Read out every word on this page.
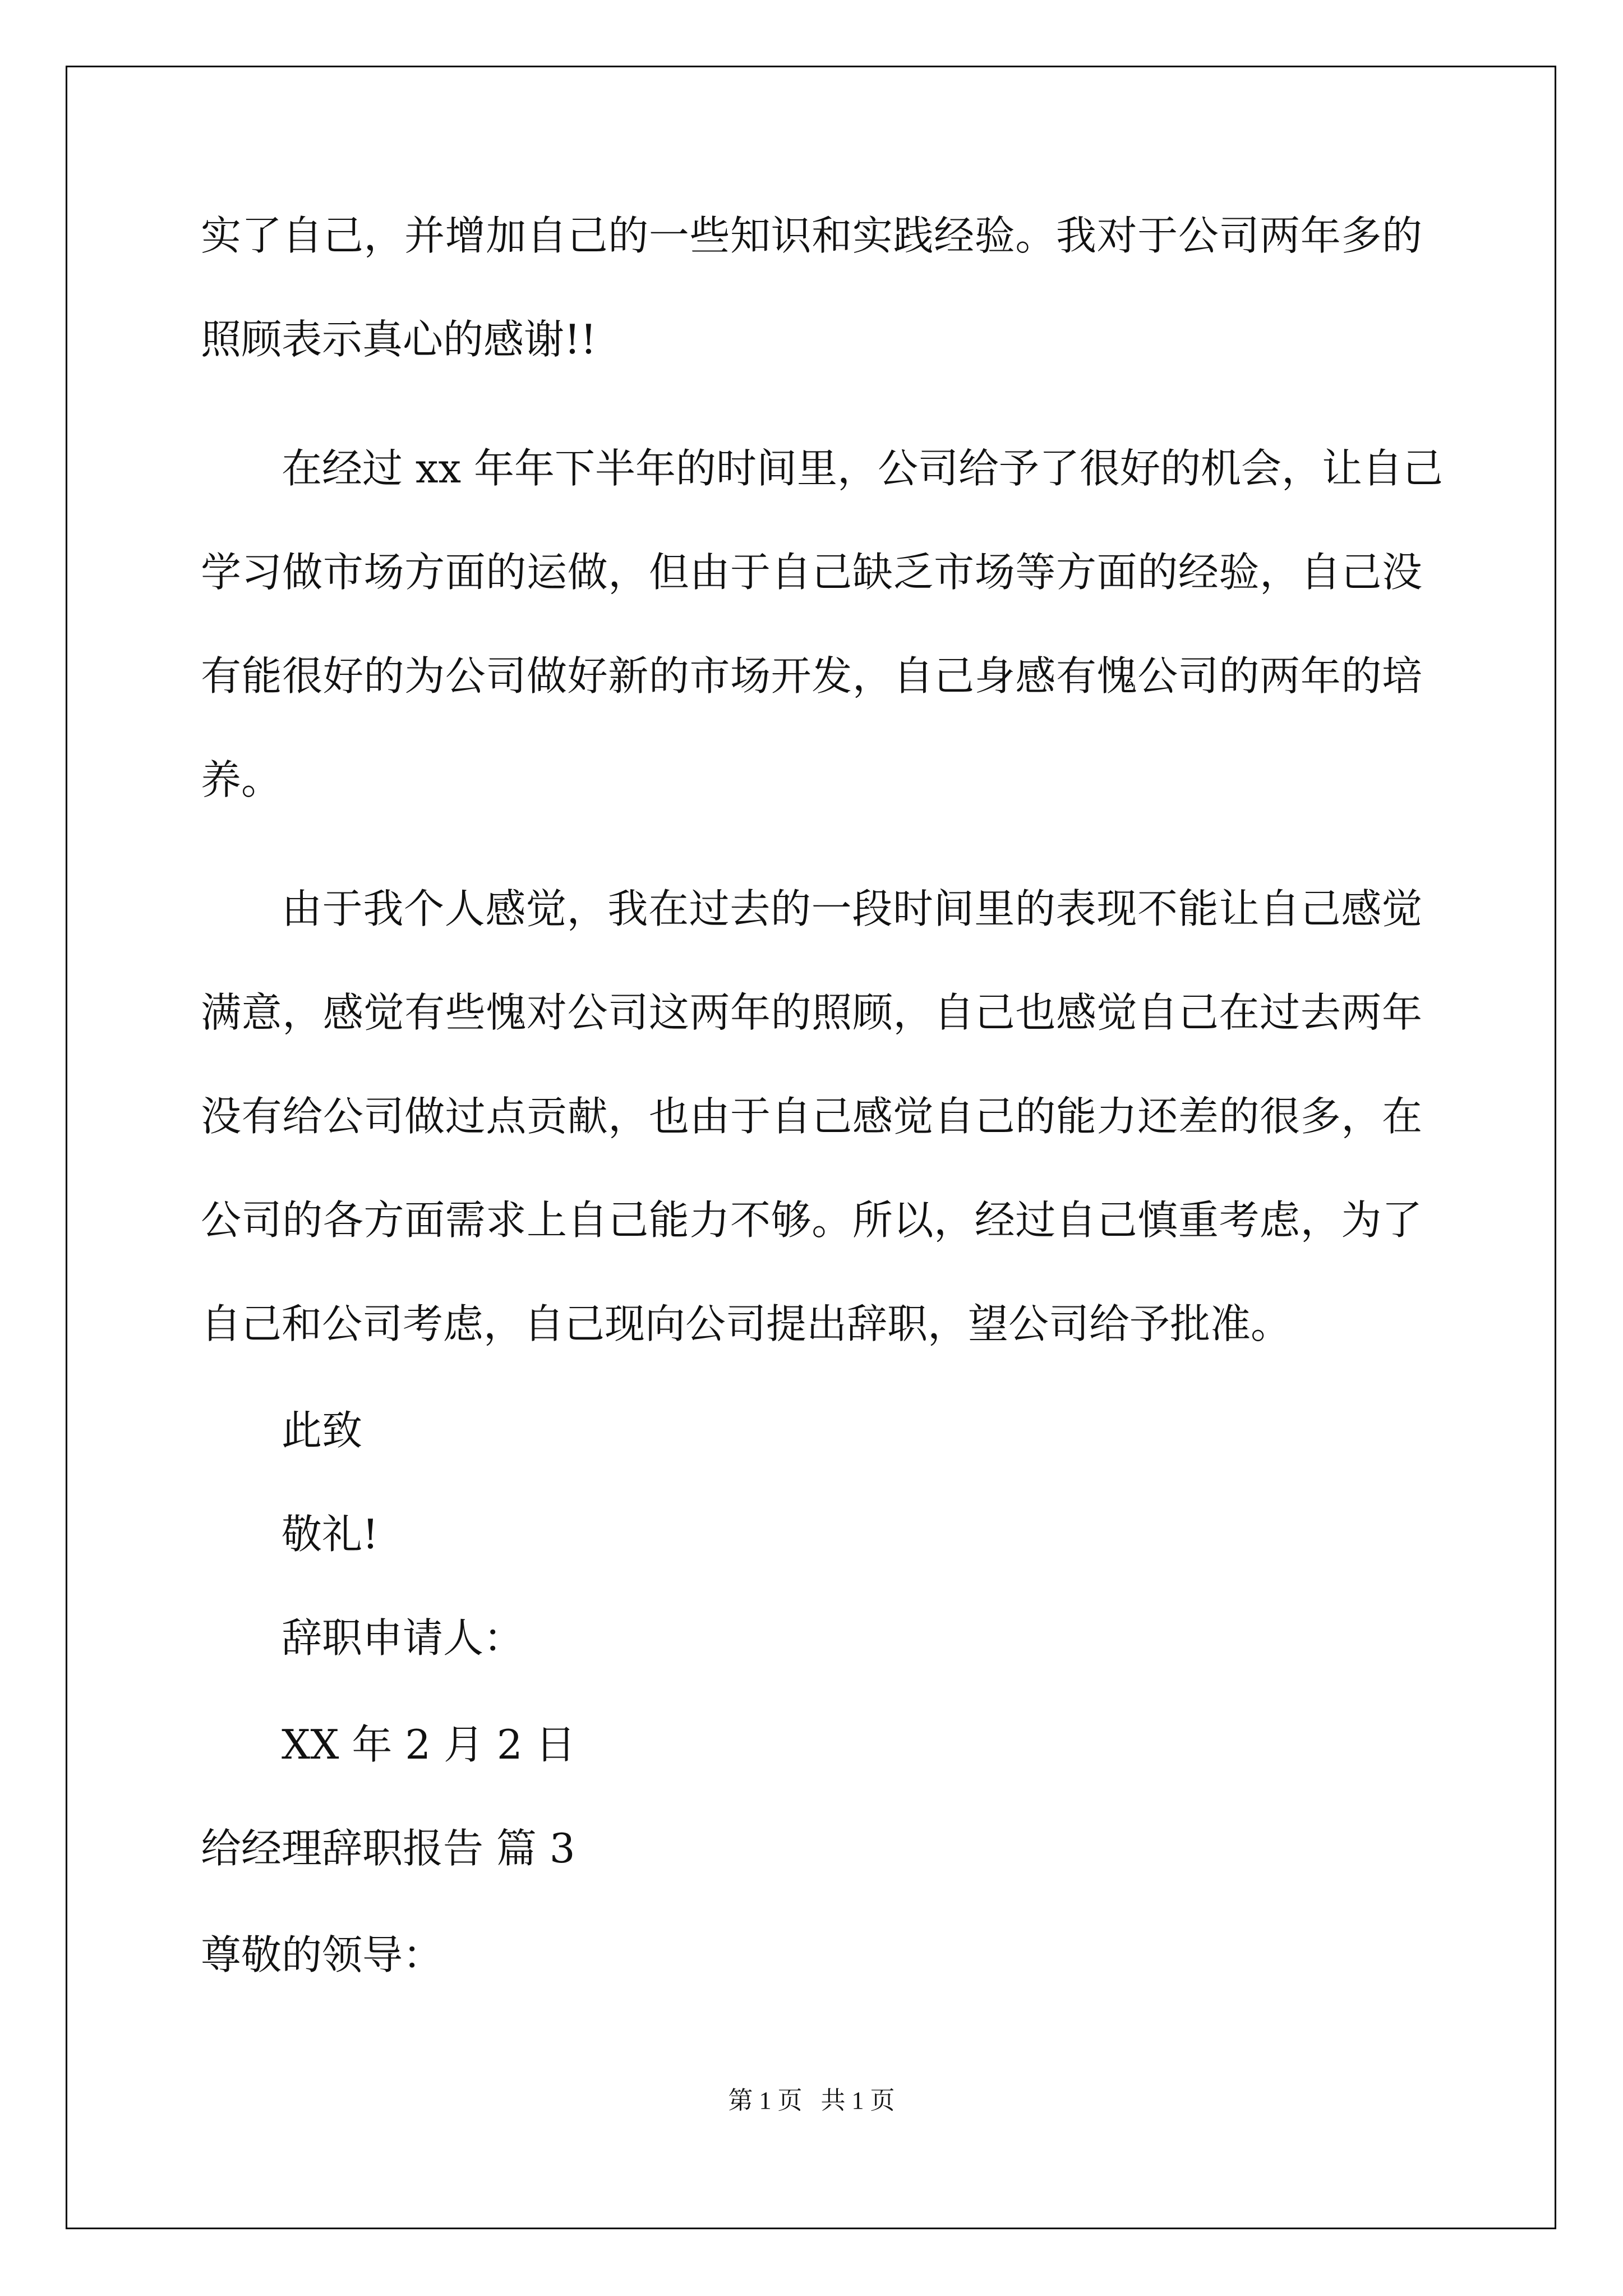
实了自己，并增加自己的一些知识和实践经验。我对于公司两年多的
照顾表示真心的感谢!!
在经过 xx 年年下半年的时间里，公司给予了很好的机会，让自己
学习做市场方面的运做，但由于自己缺乏市场等方面的经验，自己没
有能很好的为公司做好新的市场开发，自己身感有愧公司的两年的培
养。
由于我个人感觉，我在过去的一段时间里的表现不能让自己感觉
满意，感觉有些愧对公司这两年的照顾，自己也感觉自己在过去两年
没有给公司做过点贡献，也由于自己感觉自己的能力还差的很多，在
公司的各方面需求上自己能力不够。所以，经过自己慎重考虑，为了
自己和公司考虑，自己现向公司提出辞职，望公司给予批准。
此致
敬礼!
辞职申请人：
XX 年 2 月 2 日
给经理辞职报告 篇 3
尊敬的领导：
第 1 页   共 1 页
